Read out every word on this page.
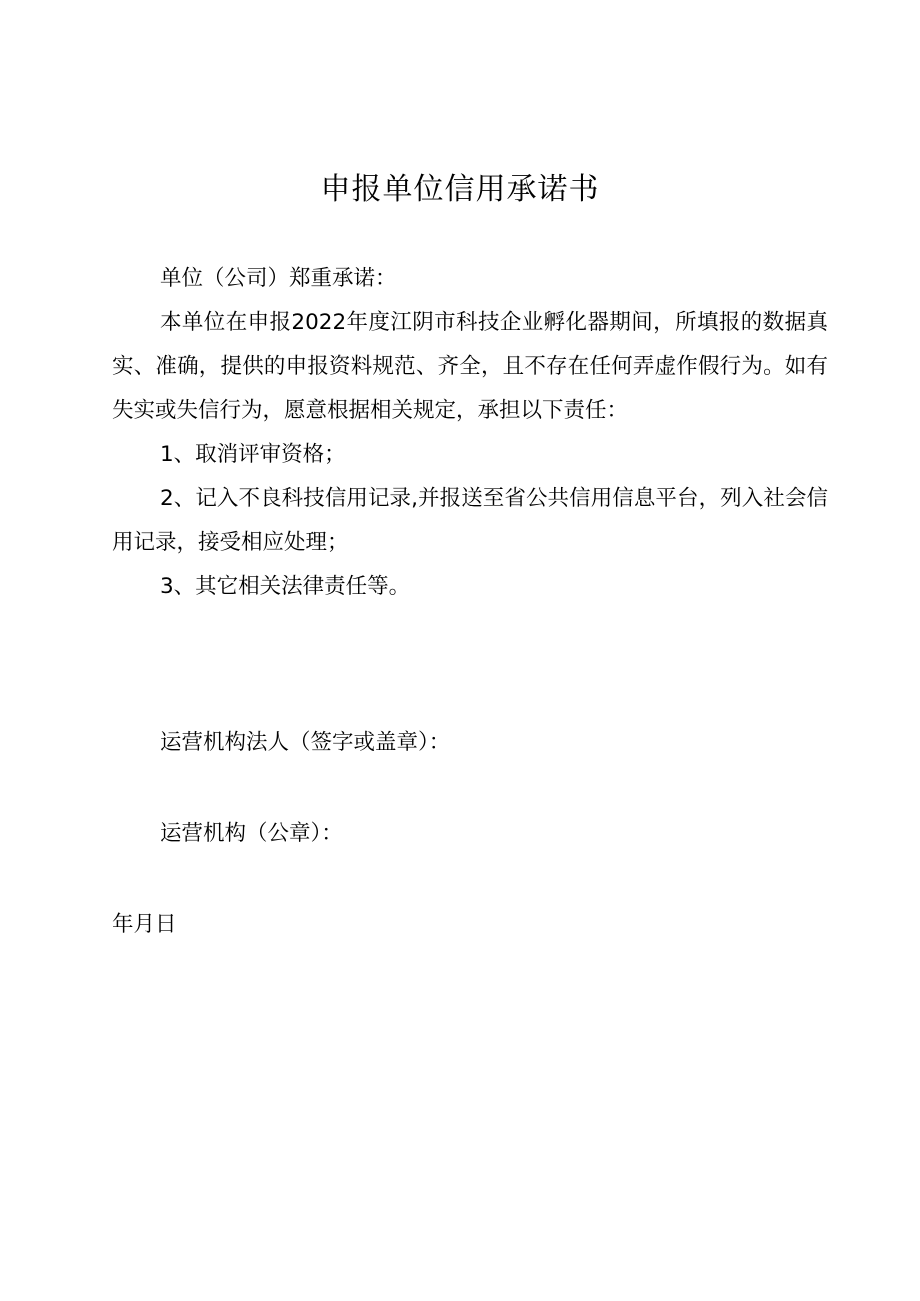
申报单位信用承诺书

单位（公司）郑重承诺：

本单位在申报2022年度江阴市科技企业孵化器期间，所填报的数据真实、准确，提供的申报资料规范、齐全，且不存在任何弄虚作假行为。如有失实或失信行为，愿意根据相关规定，承担以下责任：

1、取消评审资格；

2、记入不良科技信用记录,并报送至省公共信用信息平台，列入社会信用记录，接受相应处理；

3、其它相关法律责任等。

运营机构法人（签字或盖章）：
运营机构（公章）：
年月日
